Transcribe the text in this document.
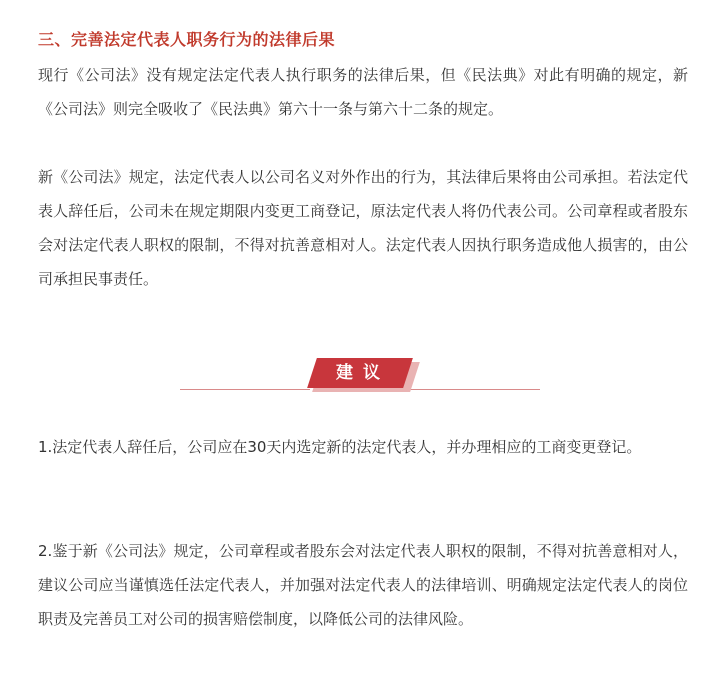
三、完善法定代表人职务行为的法律后果

现行《公司法》没有规定法定代表人执行职务的法律后果，但《民法典》对此有明确的规定，新《公司法》则完全吸收了《民法典》第六十一条与第六十二条的规定。

新《公司法》规定，法定代表人以公司名义对外作出的行为，其法律后果将由公司承担。若法定代表人辞任后，公司未在规定期限内变更工商登记，原法定代表人将仍代表公司。公司章程或者股东会对法定代表人职权的限制，不得对抗善意相对人。法定代表人因执行职务造成他人损害的，由公司承担民事责任。

建议

1.法定代表人辞任后，公司应在30天内选定新的法定代表人，并办理相应的工商变更登记。

2.鉴于新《公司法》规定，公司章程或者股东会对法定代表人职权的限制，不得对抗善意相对人，建议公司应当谨慎选任法定代表人，并加强对法定代表人的法律培训、明确规定法定代表人的岗位职责及完善员工对公司的损害赔偿制度，以降低公司的法律风险。
